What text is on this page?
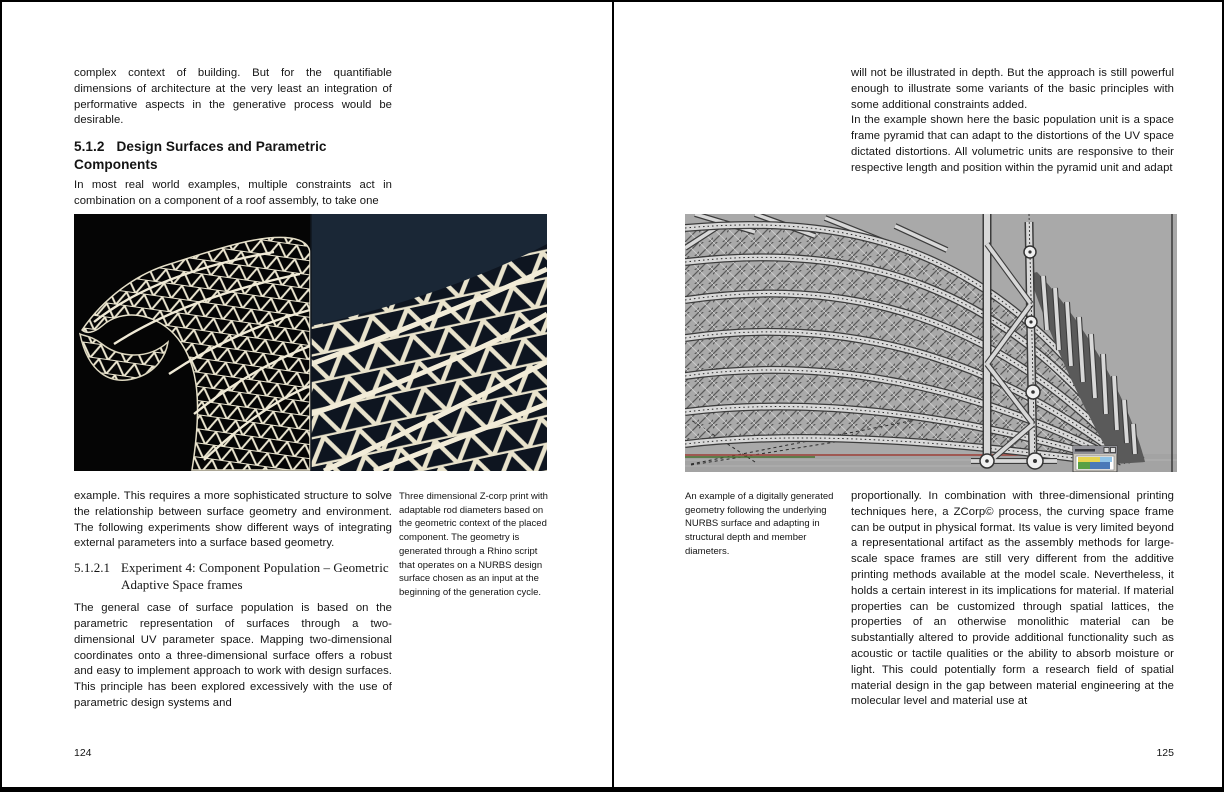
complex context of building. But for the quantifiable dimensions of architecture at the very least an integration of performative aspects in the generative process would be desirable.

5.1.2 Design Surfaces and Parametric Components

In most real world examples, multiple constraints act in combination on a component of a roof assembly, to take one

example. This requires a more sophisticated structure to solve the relationship between surface geometry and environment. The following experiments show different ways of integrating external parameters into a surface based geometry.

5.1.2.1 Experiment 4: Component Population – Geometric Adaptive Space frames

The general case of surface population is based on the parametric representation of surfaces through a two-dimensional UV parameter space. Mapping two-dimensional coordinates onto a three-dimensional surface offers a robust and easy to implement approach to work with design surfaces. This principle has been explored excessively with the use of parametric design systems and

Three dimensional Z-corp print with adaptable rod diameters based on the geometric context of the placed component. The geometry is generated through a Rhino script that operates on a NURBS design surface chosen as an input at the beginning of the generation cycle.
124

will not be illustrated in depth. But the approach is still powerful enough to illustrate some variants of the basic principles with some additional constraints added.

In the example shown here the basic population unit is a space frame pyramid that can adapt to the distortions of the UV space dictated distortions. All volumetric units are responsive to their respective length and position within the pyramid unit and adapt

An example of a digitally generated geometry following the underlying NURBS surface and adapting in structural depth and member diameters.

proportionally. In combination with three-dimensional printing techniques here, a ZCorp© process, the curving space frame can be output in physical format. Its value is very limited beyond a representational artifact as the assembly methods for large-scale space frames are still very different from the additive printing methods available at the model scale. Nevertheless, it holds a certain interest in its implications for material. If material properties can be customized through spatial lattices, the properties of an otherwise monolithic material can be substantially altered to provide additional functionality such as acoustic or tactile qualities or the ability to absorb moisture or light. This could potentially form a research field of spatial material design in the gap between material engineering at the molecular level and material use at

125
